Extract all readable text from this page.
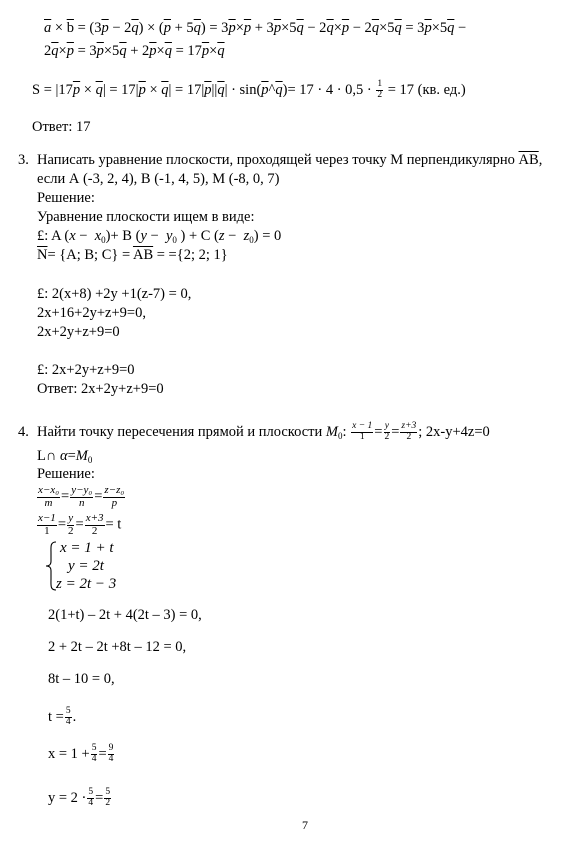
$\overline{a} \times \overline{b} = (3\overline{p} - 2\overline{q}) \times (\overline{p} + 5\overline{q}) = 3\overline{p}\times\overline{p} + 3\overline{p}\times 5\overline{q} - 2\overline{q}\times\overline{p} - 2\overline{q}\times 5\overline{q} = 3\overline{p}\times 5\overline{q}$ −
$2\overline{q}\times\overline{p} = 3\overline{p}\times 5\overline{q} + 2\overline{p}\times\overline{q} = 17\overline{p}\times\overline{q}$
$S = |17\overline{p} \times \overline{q}| = 17|\overline{p} \times \overline{q}| = 17|\overline{p}||\overline{q}|$ · $\sin(\overline{p}\^{}\overline{q})= 17 \cdot 4 \cdot 0,5 \cdot \frac{1}{2} = 17$ (кв. ед.)
Ответ: 17
3. Написать уравнение плоскости, проходящей через точку М перпендикулярно $\overline{AB}$,
если А (-3, 2, 4), В (-1, 4, 5), М (-8, 0, 7)
Решение:
Уравнение плоскости ищем в виде:
£: A $(x - x_0)+ B$ ($y - y_0$ ) + C $(z - z_0) = 0$
$\overline{N}= \{A$; B; $C\} = \overline{AB} = =\{2$; 2; 1}
£: 2(x+8) +2y +1(z-7) = 0,
2x+16+2y+z+9=0,
2x+2y+z+9=0
£: 2x+2y+z+9=0
Ответ: 2x+2y+z+9=0
4. Найти точку пересечения прямой и плоскости $M_0$: $\frac{x - 1}{1} = \frac{y}{2} = \frac{z+3}{2}$ ; 2x-y+4z=0
L∩ $\alpha=M_0$
Решение:
$\frac{\text{x−x₀}}{m} = \frac{\text{y−y₀}}{n} = \frac{\text{z−z₀}}{p}$
$\frac{x-1}{1} = \frac{y}{2} = \frac{x+3}{2} = t$
x = 1 + t
y = 2t
z = 2t − 3
2(1+t) – 2t + 4(2t – 3) = 0,
2 + 2t – 2t +8t – 12 = 0,
8t – 10 = 0,
$t = \frac{5}{4}$ .
$x = 1 + \frac{5}{4} = \frac{9}{4}$
$y = 2 \cdot \frac{5}{4} = \frac{5}{2}$
7
